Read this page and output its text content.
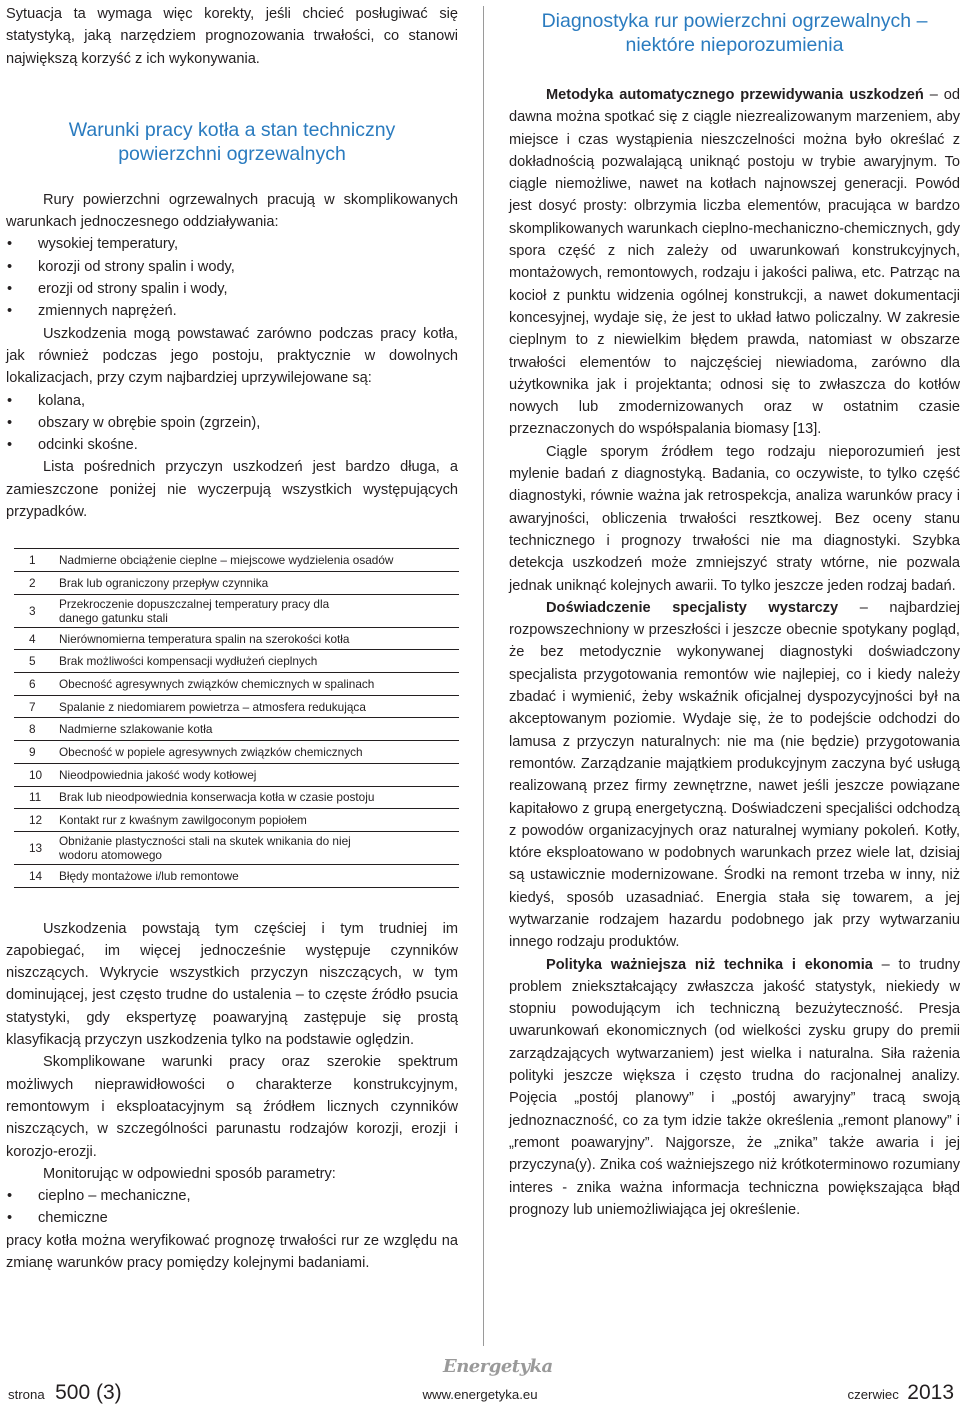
Sytuacja ta wymaga więc korekty, jeśli chcieć posługiwać się statystyką, jaką narzędziem prognozowania trwałości, co stanowi największą korzyść z ich wykonywania.

Warunki pracy kotła a stan techniczny powierzchni ogrzewalnych

Rury powierzchni ogrzewalnych pracują w skomplikowanych warunkach jednoczesnego oddziaływania:

• wysokiej temperatury,
• korozji od strony spalin i wody,
• erozji od strony spalin i wody,
• zmiennych naprężeń.

Uszkodzenia mogą powstawać zarówno podczas pracy kotła, jak również podczas jego postoju, praktycznie w dowolnych lokalizacjach, przy czym najbardziej uprzywilejowane są:

• kolana,
• obszary w obrębie spoin (zgrzein),
• odcinki skośne.

Lista pośrednich przyczyn uszkodzeń jest bardzo długa, a zamieszczone poniżej nie wyczerpują wszystkich występujących przypadków.

1	Nadmierne obciążenie cieplne – miejscowe wydzielenia osadów
2	Brak lub ograniczony przepływ czynnika
3	Przekroczenie dopuszczalnej temperatury pracy dla danego gatunku stali
4	Nierównomierna temperatura spalin na szerokości kotła
5	Brak możliwości kompensacji wydłużeń cieplnych
6	Obecność agresywnych związków chemicznych w spalinach
7	Spalanie z niedomiarem powietrza – atmosfera redukująca
8	Nadmierne szlakowanie kotła
9	Obecność w popiele agresywnych związków chemicznych
10	Nieodpowiednia jakość wody kotłowej
11	Brak lub nieodpowiednia konserwacja kotła w czasie postoju
12	Kontakt rur z kwaśnym zawilgoconym popiołem
13	Obniżanie plastyczności stali na skutek wnikania do niej wodoru atomowego
14	Błędy montażowe i/lub remontowe

Uszkodzenia powstają tym częściej i tym trudniej im zapobiegać, im więcej jednocześnie występuje czynników niszczących. Wykrycie wszystkich przyczyn niszczących, w tym dominującej, jest często trudne do ustalenia – to częste źródło psucia statystyki, gdy ekspertyzę poawaryjną zastępuje się prostą klasyfikacją przyczyn uszkodzenia tylko na podstawie oględzin.

Skomplikowane warunki pracy oraz szerokie spektrum możliwych nieprawidłowości o charakterze konstrukcyjnym, remontowym i eksploatacyjnym są źródłem licznych czynników niszczących, w szczególności parunastu rodzajów korozji, erozji i korozjo-erozji.

Monitorując w odpowiedni sposób parametry:

• cieplno – mechaniczne,
• chemiczne

pracy kotła można weryfikować prognozę trwałości rur ze względu na zmianę warunków pracy pomiędzy kolejnymi badaniami.

Diagnostyka rur powierzchni ogrzewalnych – niektóre nieporozumienia

Metodyka automatycznego przewidywania uszkodzeń – od dawna można spotkać się z ciągle niezrealizowanym marzeniem, aby miejsce i czas wystąpienia nieszczelności można było określać z dokładnością pozwalającą uniknąć postoju w trybie awaryjnym. To ciągle niemożliwe, nawet na kotłach najnowszej generacji. Powód jest dosyć prosty: olbrzymia liczba elementów, pracująca w bardzo skomplikowanych warunkach cieplno-mechaniczno-chemicznych, gdy spora część z nich zależy od uwarunkowań konstrukcyjnych, montażowych, remontowych, rodzaju i jakości paliwa, etc. Patrząc na kocioł z punktu widzenia ogólnej konstrukcji, a nawet dokumentacji koncesyjnej, wydaje się, że jest to układ łatwo policzalny. W zakresie cieplnym to z niewielkim błędem prawda, natomiast w obszarze trwałości elementów to najczęściej niewiadoma, zarówno dla użytkownika jak i projektanta; odnosi się to zwłaszcza do kotłów nowych lub zmodernizowanych oraz w ostatnim czasie przeznaczonych do współspalania biomasy [13].

Ciągle sporym źródłem tego rodzaju nieporozumień jest mylenie badań z diagnostyką. Badania, co oczywiste, to tylko część diagnostyki, równie ważna jak retrospekcja, analiza warunków pracy i awaryjności, obliczenia trwałości resztkowej. Bez oceny stanu technicznego i prognozy trwałości nie ma diagnostyki. Szybka detekcja uszkodzeń może zmniejszyć straty wtórne, nie pozwala jednak uniknąć kolejnych awarii. To tylko jeszcze jeden rodzaj badań.

Doświadczenie specjalisty wystarczy – najbardziej rozpowszechniony w przeszłości i jeszcze obecnie spotykany pogląd, że bez metodycznie wykonywanej diagnostyki doświadczony specjalista przygotowania remontów wie najlepiej, co i kiedy należy zbadać i wymienić, żeby wskaźnik oficjalnej dyspozycyjności był na akceptowanym poziomie. Wydaje się, że to podejście odchodzi do lamusa z przyczyn naturalnych: nie ma (nie będzie) przygotowania remontów. Zarządzanie majątkiem produkcyjnym zaczyna być usługą realizowaną przez firmy zewnętrzne, nawet jeśli jeszcze powiązane kapitałowo z grupą energetyczną. Doświadczeni specjaliści odchodzą z powodów organizacyjnych oraz naturalnej wymiany pokoleń. Kotły, które eksploatowano w podobnych warunkach przez wiele lat, dzisiaj są ustawicznie modernizowane. Środki na remont trzeba w inny, niż kiedyś, sposób uzasadniać. Energia stała się towarem, a jej wytwarzanie rodzajem hazardu podobnego jak przy wytwarzaniu innego rodzaju produktów.

Polityka ważniejsza niż technika i ekonomia – to trudny problem zniekształcający zwłaszcza jakość statystyk, niekiedy w stopniu powodującym ich techniczną bezużyteczność. Presja uwarunkowań ekonomicznych (od wielkości zysku grupy do premii zarządzających wytwarzaniem) jest wielka i naturalna. Siła rażenia polityki jeszcze większa i często trudna do racjonalnej analizy. Pojęcia „postój planowy” i „postój awaryjny” tracą swoją jednoznaczność, co za tym idzie także określenia „remont planowy” i „remont poawaryjny”. Najgorsze, że „znika” także awaria i jej przyczyna(y). Znika coś ważniejszego niż krótkoterminowo rozumiany interes - znika ważna informacja techniczna powiększająca błąd prognozy lub uniemożliwiająca jej określenie.

Energetyka
strona 500 (3)	www.energetyka.eu	czerwiec 2013
